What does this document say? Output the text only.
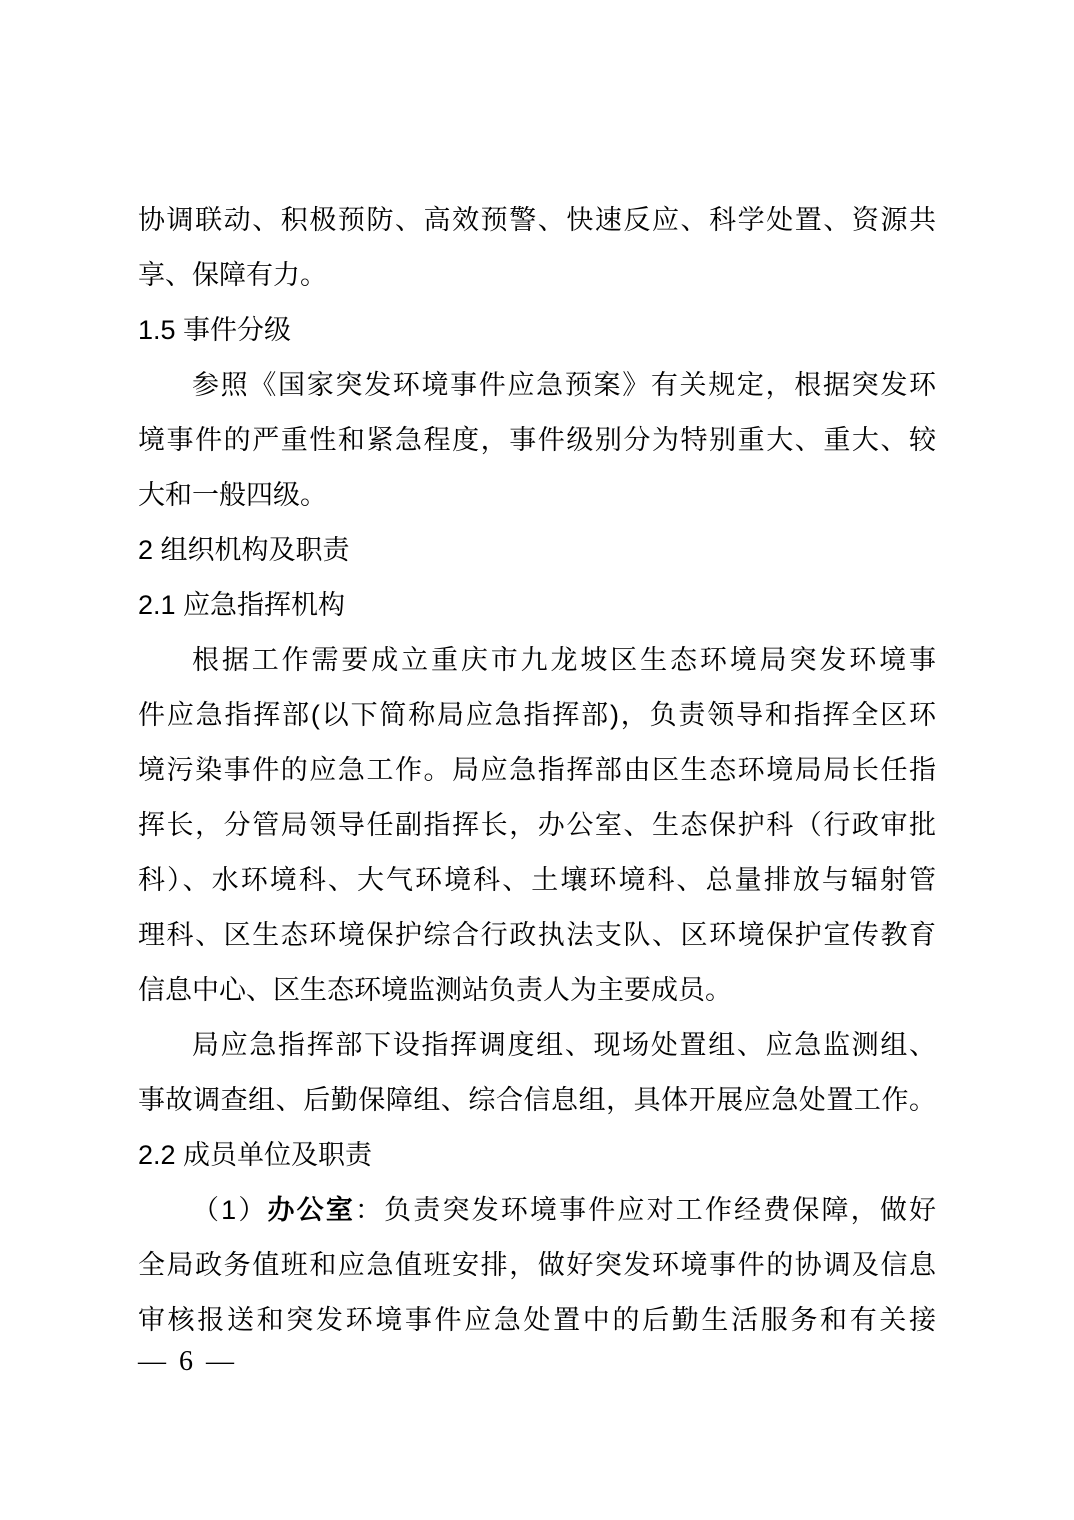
协调联动、积极预防、高效预警、快速反应、科学处置、资源共
享、保障有力。
1.5 事件分级
参照《国家突发环境事件应急预案》有关规定，根据突发环
境事件的严重性和紧急程度，事件级别分为特别重大、重大、较
大和一般四级。
2 组织机构及职责
2.1 应急指挥机构
根据工作需要成立重庆市九龙坡区生态环境局突发环境事
件应急指挥部(以下简称局应急指挥部)，负责领导和指挥全区环
境污染事件的应急工作。局应急指挥部由区生态环境局局长任指
挥长，分管局领导任副指挥长，办公室、生态保护科（行政审批
科）、水环境科、大气环境科、土壤环境科、总量排放与辐射管
理科、区生态环境保护综合行政执法支队、区环境保护宣传教育
信息中心、区生态环境监测站负责人为主要成员。
局应急指挥部下设指挥调度组、现场处置组、应急监测组、
事故调查组、后勤保障组、综合信息组，具体开展应急处置工作。
2.2 成员单位及职责
（1）办公室：负责突发环境事件应对工作经费保障，做好
全局政务值班和应急值班安排，做好突发环境事件的协调及信息
审核报送和突发环境事件应急处置中的后勤生活服务和有关接
— 6 —
